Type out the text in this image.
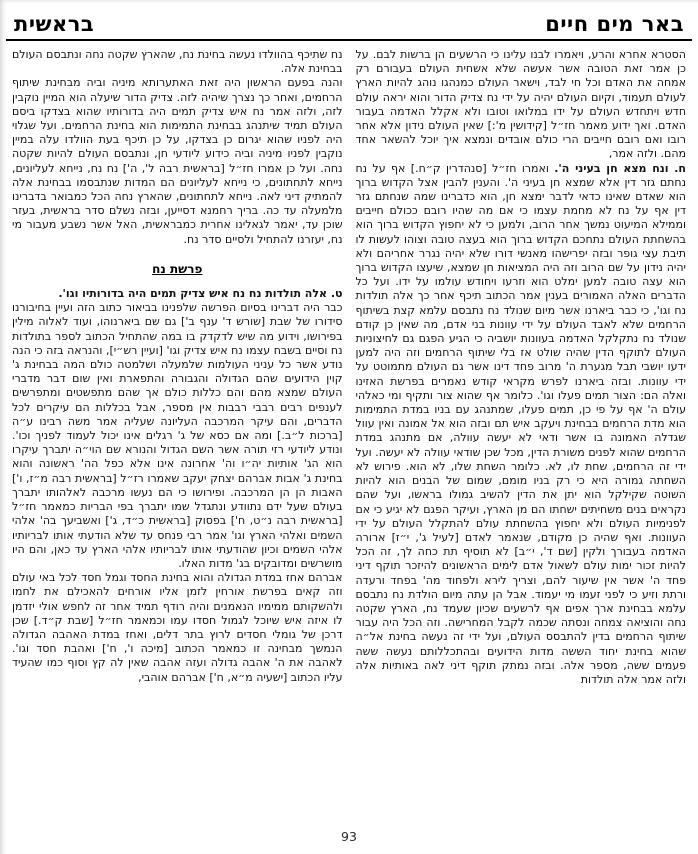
באר מים חיים
בראשית

הסטרא אחרא והרע, ויאמרו לבנו עלינו כי הרשעים הן ברשות לבם. על כן אמר זאת הטובה אשר אעשה שלא אשחית העולם בעבורם רק אמחה את האדם וכל חי לבד, וישאר העולם כמנהגו נוהג להיות הארץ לעולם תעמוד, וקיום העולם יהיה על ידי נח צדיק הדור והוא יראה עולם חדש ויתחדש העולם על ידו במלואו וטובו ולא אקלל האדמה בעבור האדם. ואך ידוע מאמר חז״ל [קידושין מ':] שאין העולם נידון אלא אחר רובו ואם רובם חייבים הרי כולם אובדים ונמצא איך יוכל להשאר אחד מהם. ולזה אמר,

ח. ונח מצא חן בעיני ה'. ואמרו חז״ל [סנהדרין ק״ח.] אף על נח נחתם גזר דין אלא שמצא חן בעיני ה'. והענין להבין אצל הקדוש ברוך הוא שאדם שאינו כדאי לדבר ימצא חן, הוא כדברינו שמה שנחתם גזר דין אף על נח לא מחמת עצמו כי אם מה שהיו רובם ככולם חייבים וממילא המיעוט נמשך אחר הרוב, ולמען כי לא יחפוץ הקדוש ברוך הוא בהשחתת העולם נתחכם הקדוש ברוך הוא בעצה טובה וצוהו לעשות לו תיבת עצי גופר ובזה יפרישהו מאנשי דורו שלא יהיה נגרר אחריהם ולא יהיה נידון על שם הרוב וזה היה המציאות חן שמצא, שיעצו הקדוש ברוך הוא עצה טובה למען ימלט הוא וזרעו ויחודש עולמו על ידו. ועל כל הדברים האלה האמורים בענין אמר הכתוב תיכף אחר כך אלה תולדות נח וגו', כי כבר ביארנו אשר מיום שנולד נח נתבסם עלמא קצת בשיתוף הרחמים שלא לאבד העולם על ידי עוונות בני אדם, מה שאין כן קודם שנולד נח נתקלקל האדמה בעוונות יושביה כי הגיע הפגם גם לחיצוניות העולם לתוקף הדין שהיה שולט אז בלי שיתוף הרחמים וזה היה למען ידעו יושבי תבל מגערת ה' מרוב פחד דינו אשר גם העולם מתמוטט על ידי עוונות. ובזה ביארנו לפרש מקראי קודש נאמרים בפרשת האזינו ואלה הם: הצור תמים פעלו וגו'. כלומר אף שהוא צור ותקיף ומי כאלהי עולם ה' אף על פי כן, תמים פעלו, שמתנהג עם בניו במדת התמימות הוא מדת הרחמים בבחינת ויעקב איש תם ובזה הוא אל אמונה ואין עוול שגדלה האמונה בו אשר ודאי לא יעשה עוולה, אם מתנהג במדת הרחמים שהוא לפנים משורת הדין, מכל שכן שודאי עוולה לא יעשה. ועל ידי זה הרחמים, שחת לו, לא. כלומר השחת שלו, לא הוא. פירוש לא השחתה גמורה היא כי רק בניו מומם, שמום של הבנים הוא להיות השוטה שקילקל הוא יתן את הדין להשיב גמולו בראשו, ועל שהם נקראים בנים משחיתים ישחתו הם מן הארץ, ועיקר הפגם לא יגיע כי אם לפנימיות העולם ולא יחפוץ בהשחתת עולם להתקלל העולם על ידי העוונות. ואף שהיה כן מקודם, שנאמר לאדם [לעיל ג', י״ז] ארורה האדמה בעבורך ולקין [שם ד', י״ב] לא תוסיף תת כחה לך, זה הכל להיות זכור ימות עולם לשאול אדם לימים הראשונים להיזכר תוקף דיני פחד ה' אשר אין שיעור להם, וצריך לירא ולפחוד מה' בפחד ורעדה ורתת וזיע כי לפני זעמו מי יעמוד. אבל הן עתה מיום הולדת נח נתבסם עלמא בבחינת ארך אפים אף לרשעים שכיון שעמד נח, הארץ שקטה נחה והוציאה צמחה ונסתה שכמה לקבל המחרישה. וזה הכל היה עבור שיתוף הרחמים בדין להתבסס העולם, ועל ידי זה נעשה בחינת אל״ה שהוא בחינת יחוד הששה מדות הידועים ובהתכללותם נעשה ששה פעמים ששה, מספר אלה. ובזה נמתק תוקף דיני לאה באותיות אלה ולזה אמר אלה תולדות

נח שתיכף בהוולדו נעשה בחינת נח, שהארץ שקטה נחה ונתבסם העולם בבחינת אלה.

והנה בפעם הראשון היה זאת האתערותא מיניה וביה מבחינת שיתוף הרחמים, ואחר כך נצרך שיהיה לזה. צדיק הדור שיעלה הוא המיין נוקבין לזה, ולזה אמר נח איש צדיק תמים היה בדורותיו שהוא בצדקו ביסם העולם תמיד שיתנהג בבחינת התמימות הוא בחינת הרחמים. ועל שגלוי היה לפניו שהוא יגרום כן בצדקו, על כן תיכף בעת הוולדו עלה במיין נוקבין לפניו מיניה וביה כידוע ליודעי חן, ונתבסם העולם להיות שקטה נחה. ועל כן אמרו חז״ל [בראשית רבה ל', ה'] נח נח, נייחא לעליונים, נייחא לתחתונים, כי נייחא לעליונים הם המדות שנתבסמו בבחינת אלה להמתיק דיני לאה. נייחא לתחתונים, שהארץ נחה הכל כמבואר בדברינו מלמעלה עד כה. בריך רחמנא דסייען, ובזה נשלם סדר בראשית, בעזר שוכן עד, יאמר לגאלינו אחרית כמבראשית, האל אשר נשבע מעבור מי נח, יעזרנו להתחיל ולסיים סדר נח.

פרשת נח

ט. אלה תולדות נח נח איש צדיק תמים היה בדורותיו וגו'.
כבר היה דברינו בסיום הפרשה שלפנינו בביאור כתוב הזה ועיין בחיבורנו סידורו של שבת [שורש ד' ענף ב'] גם שם ביארנוהו, ועוד לאלוה מילין בפירושו, וידוע מה שיש לדקדק בו במה שהתחיל הכתוב לספר בתולדות נח וסיים בשבח עצמו נח איש צדיק וגו' [ועיין רש״י], והנראה בזה כי הנה נודע אשר כל עניני העולמות שלמעלה ושלמטה כולם המה בבחינת ג' קוין הידועים שהם הגדולה והגבורה והתפארת ואין שום דבר מדברי העולם שמצא מהם והם כללות כולם אך שהם מתפשטים ומתפרשים לענפים רבים רבבי רבבות אין מספר, אבל בכללות הם עיקרים לכל הדברים, והם עיקר המרכבה העליונה שעליה אמר משה רבינו ע״ה [ברכות ל״ב.] ומה אם כסא של ג' רגלים אינו יכול לעמוד לפניך וכו'. ונודע ליודעי רזי תורה אשר השם הגדול והנורא שם הוי״ה יתברך עיקרו הוא הג' אותיות יה״ו וה' אחרונה אינו אלא כפל הה' ראשונה והוא בחינת ג' אבות אברהם יצחק יעקב שאמרו רז״ל [בראשית רבה מ״ז, ו'] האבות הן הן המרכבה. ופירושו כי הם נעשו מרכבה לאלהותו יתברך בעולם שעל ידם נתוודע ונתגדל שמו יתברך בפי הבריות כמאמר חז״ל [בראשית רבה נ״ט, ח'] בפסוק [בראשית כ״ד, ג'] ואשביעך בה' אלהי השמים ואלהי הארץ וגו' אמר רבי פנחס עד שלא הודעתי אותו לבריותיו אלהי השמים וכיון שהודעתי אותו לבריותיו אלהי הארץ עד כאן, והם היו מושרשים ומדובקים בג' מדות האלו.

אברהם אחז במדת הגדולה והוא בחינת החסד וגמל חסד לכל באי עולם וזה קאים בפרשת אורחין לזמן אליו אורחים להאכילם את לחמו ולהשקותם ממימיו הנאמנים והיה רודף תמיד אחר זה לחפש אולי יזדמן לו איזה איש שיוכל לגמול חסדו עמו וכמאמר חז״ל [שבת ק״ד.] שכן דרכן של גומלי חסדים לרוץ בתר דלים, ואחז במדת האהבה הגדולה הנמשך מבחינה זו כמאמר הכתוב [מיכה ו', ח'] ואהבת חסד וגו'. לאהבה את ה' אהבה גדולה ועזה אהבה שאין לה קץ וסוף כמו שהעיד עליו הכתוב [ישעיה מ״א, ח'] אברהם אוהבי,

93
